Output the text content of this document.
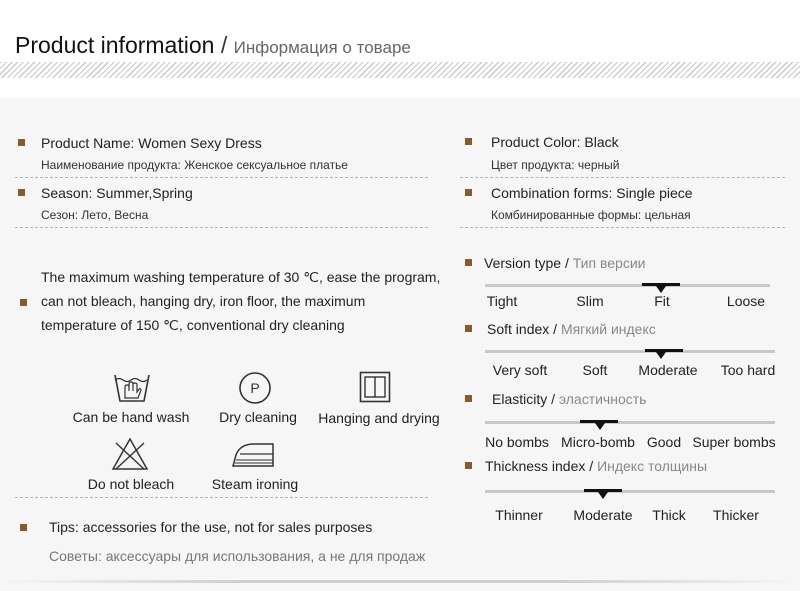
Product information / Информация о товаре
Product Name: Women Sexy Dress
Наименование продукта: Женское сексуальное платье
Season: Summer,Spring
Сезон: Лето, Весна
Product Color: Black
Цвет продукта: черный
Combination forms: Single piece
Комбинированные формы: цельная
The maximum washing temperature of 30 ℃, ease the program, can not bleach, hanging dry, iron floor, the maximum temperature of 150 ℃, conventional dry cleaning
P
Can be hand wash Dry cleaning Hanging and drying
Do not bleach	Steam ironing
Tips: accessories for the use, not for sales purposes
Советы: аксессуары для использования, а не для продаж
Version type / Тип версии
Tight	Slim	Fit	Loose
Soft index / Мягкий индекс
Very soft	Soft Moderate Too hard
Elasticity / эластичность
No bombs Micro-bomb Good Super bombs
Thickness index / Индекс толщины
Thinner Moderate Thick Thicker
